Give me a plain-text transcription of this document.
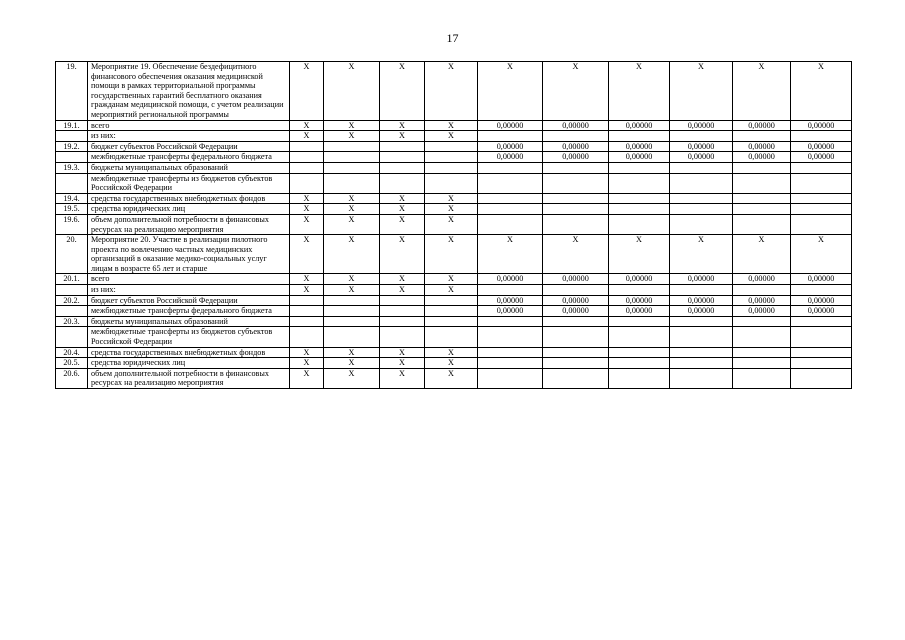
17
19.	Мероприятие 19. Обеспечение бездефицитного финансового обеспечения оказания медицинской помощи в рамках территориальной программы государственных гарантий бесплатного оказания гражданам медицинской помощи, с учетом реализации мероприятий региональной программы	X	X	X	X	X	X	X	X	X	X
19.1.	всего	X	X	X	X	0,00000	0,00000	0,00000	0,00000	0,00000	0,00000
	из них:	X	X	X	X						
19.2.	бюджет субъектов Российской Федерации					0,00000	0,00000	0,00000	0,00000	0,00000	0,00000
	межбюджетные трансферты федерального бюджета					0,00000	0,00000	0,00000	0,00000	0,00000	0,00000
19.3.	бюджеты муниципальных образований										
	межбюджетные трансферты из бюджетов субъектов Российской Федерации										
19.4.	средства государственных внебюджетных фондов	X	X	X	X						
19.5.	средства юридических лиц	X	X	X	X						
19.6.	объем дополнительной потребности в финансовых ресурсах на реализацию мероприятия	X	X	X	X						
20.	Мероприятие 20. Участие в реализации пилотного проекта по вовлечению частных медицинских организаций в оказание медико-социальных услуг лицам в возрасте 65 лет и старше	X	X	X	X	X	X	X	X	X	X
20.1.	всего	X	X	X	X	0,00000	0,00000	0,00000	0,00000	0,00000	0,00000
	из них:	X	X	X	X						
20.2.	бюджет субъектов Российской Федерации					0,00000	0,00000	0,00000	0,00000	0,00000	0,00000
	межбюджетные трансферты федерального бюджета					0,00000	0,00000	0,00000	0,00000	0,00000	0,00000
20.3.	бюджеты муниципальных образований										
	межбюджетные трансферты из бюджетов субъектов Российской Федерации										
20.4.	средства государственных внебюджетных фондов	X	X	X	X						
20.5.	средства юридических лиц	X	X	X	X						
20.6.	объем дополнительной потребности в финансовых ресурсах на реализацию мероприятия	X	X	X	X						
